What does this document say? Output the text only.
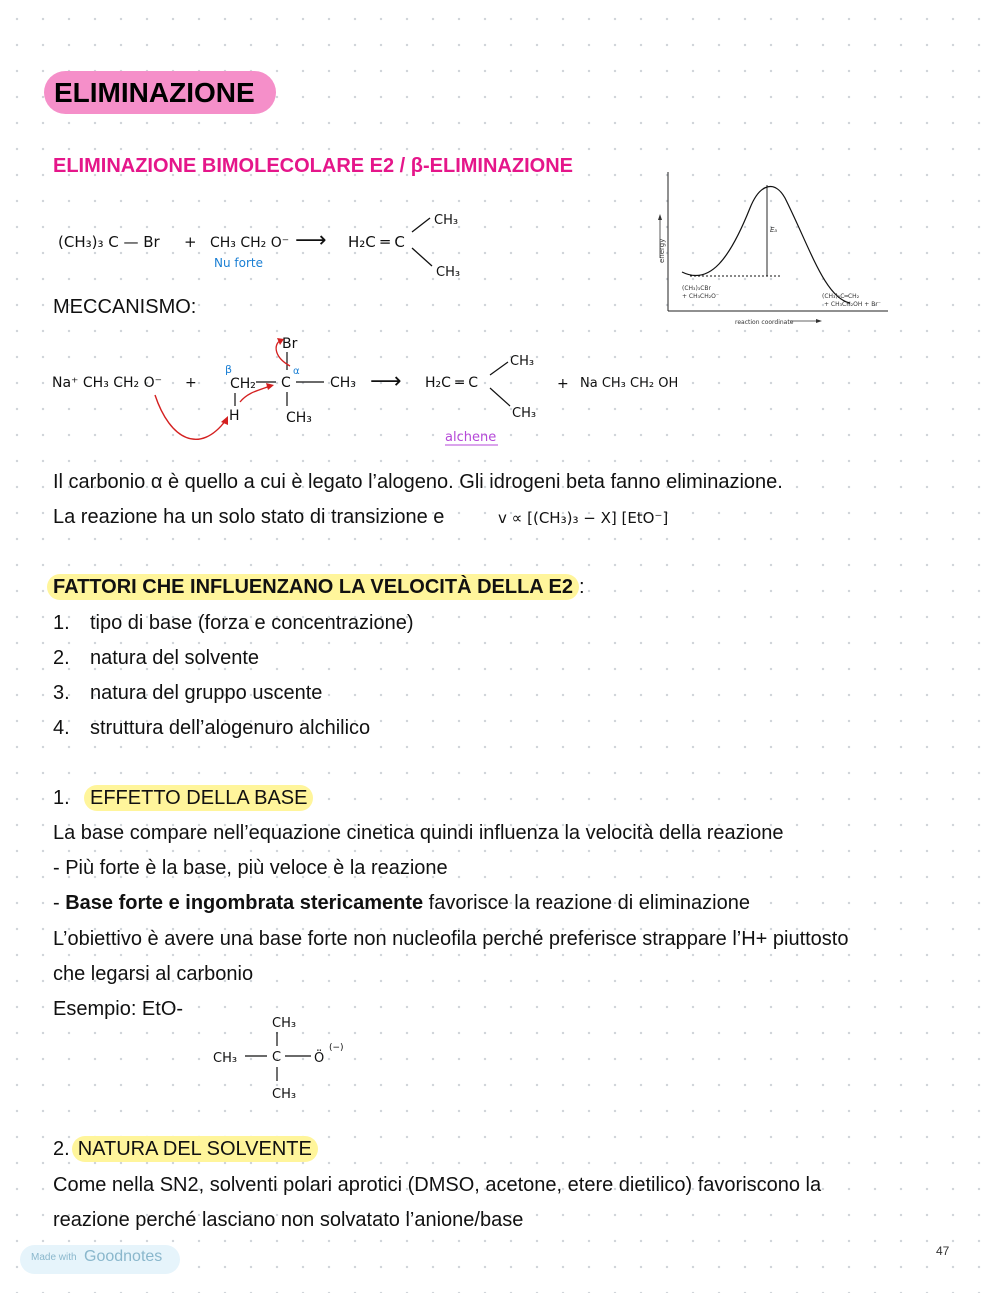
ELIMINAZIONE
ELIMINAZIONE BIMOLECOLARE E2 / β-ELIMINAZIONE
(CH₃)₃ C — Br + CH₃ CH₂ O⁻
Nu forte
⟶ H₂C ═ C
CH₃
CH₃
energy
Eₐ
(CH₃)₃CBr
+ CH₃CH₂O⁻	(CH₃)₂C═CH₂
+ CH₃CH₂OH + Br⁻
reaction coordinate
MECCANISMO:
Na⁺ CH₃ CH₂ O⁻ +
β
CH₂ C
α
CH₃
Br
CH₃
H
⟶ H₂C ═ C
CH₃
CH₃
alchene
+ Na CH₃ CH₂ OH
Il carbonio α è quello a cui è legato l’alogeno. Gli idrogeni beta fanno eliminazione.
La reazione ha un solo stato di transizione e	v ∝ [(CH₃)₃ − X] [EtO⁻]
FATTORI CHE INFLUENZANO LA VELOCITÀ DELLA E2 :
1. tipo di base (forza e concentrazione)
2. natura del solvente
3. natura del gruppo uscente
4. struttura dell’alogenuro alchilico
1. EFFETTO DELLA BASE
La base compare nell’equazione cinetica quindi influenza la velocità della reazione
- Più forte è la base, più veloce è la reazione
- Base forte e ingombrata stericamente favorisce la reazione di eliminazione
L’obiettivo è avere una base forte non nucleofila perché preferisce strappare l’H+ piuttosto
che legarsi al carbonio
Esempio: EtO-
CH₃
CH₃	C	Ö
(−)
CH₃
2. NATURA DEL SOLVENTE
Come nella SN2, solventi polari aprotici (DMSO, acetone, etere dietilico) favoriscono la
reazione perché lasciano non solvatato l’anione/base
Made with Goodnotes	47
